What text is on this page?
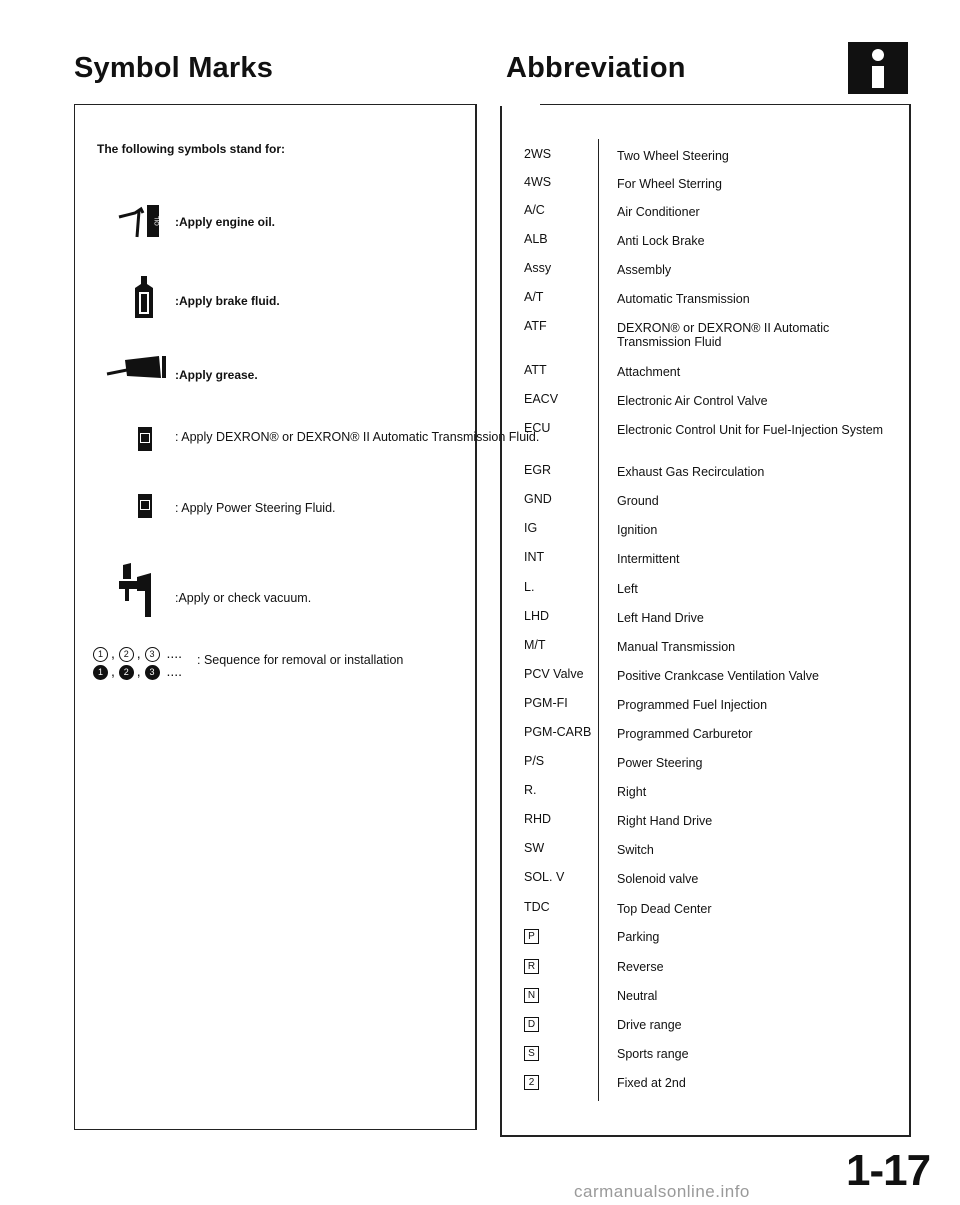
Symbol Marks	Abbreviation
The following symbols stand for:
OIL :Apply engine oil.
:Apply brake fluid.
:Apply grease.
: Apply DEXRON® or DEXRON® II Automatic Transmission Fluid.
: Apply Power Steering Fluid.
:Apply or check vacuum.
1 , 2 , 3 ....
1 , 2 , 3 ....
: Sequence for removal or installation
2WS	Two Wheel Steering
4WS	For Wheel Sterring
A/C	Air Conditioner
ALB	Anti Lock Brake
Assy	Assembly
A/T	Automatic Transmission
ATF	DEXRON® or DEXRON® II Automatic Transmission Fluid
ATT	Attachment
EACV	Electronic Air Control Valve
ECU	Electronic Control Unit for Fuel-Injection System
EGR	Exhaust Gas Recirculation
GND	Ground
IG	Ignition
INT	Intermittent
L.	Left
LHD	Left Hand Drive
M/T	Manual Transmission
PCV Valve	Positive Crankcase Ventilation Valve
PGM-FI	Programmed Fuel Injection
PGM-CARB Programmed Carburetor
P/S	Power Steering
R.	Right
RHD	Right Hand Drive
SW	Switch
SOL. V	Solenoid valve
TDC	Top Dead Center
P	Parking
R	Reverse
N	Neutral
D	Drive range
S	Sports range
2	Fixed at 2nd
1-17
carmanualsonline.info
